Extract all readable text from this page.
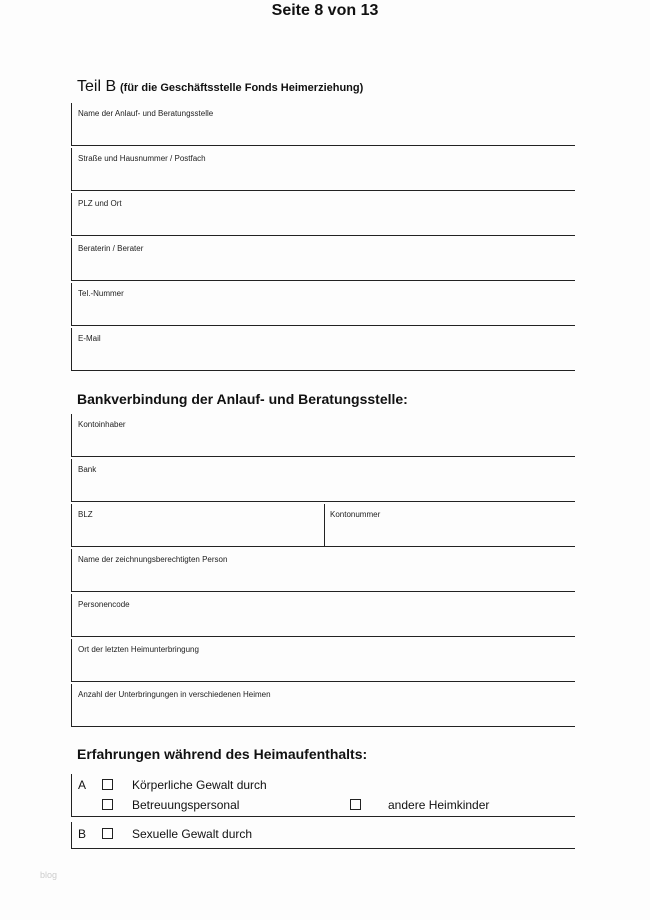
Seite 8 von 13
Teil B (für die Geschäftsstelle Fonds Heimerziehung)
Name der Anlauf- und Beratungsstelle
Straße und Hausnummer / Postfach
PLZ und Ort
Beraterin / Berater
Tel.-Nummer
E-Mail
Bankverbindung der Anlauf- und Beratungsstelle:
Kontoinhaber
Bank
BLZ	Kontonummer
Name der zeichnungsberechtigten Person
Personencode
Ort der letzten Heimunterbringung
Anzahl der Unterbringungen in verschiedenen Heimen
Erfahrungen während des Heimaufenthalts:
A	Körperliche Gewalt durch
Betreuungspersonal	andere Heimkinder
B	Sexuelle Gewalt durch
blog
